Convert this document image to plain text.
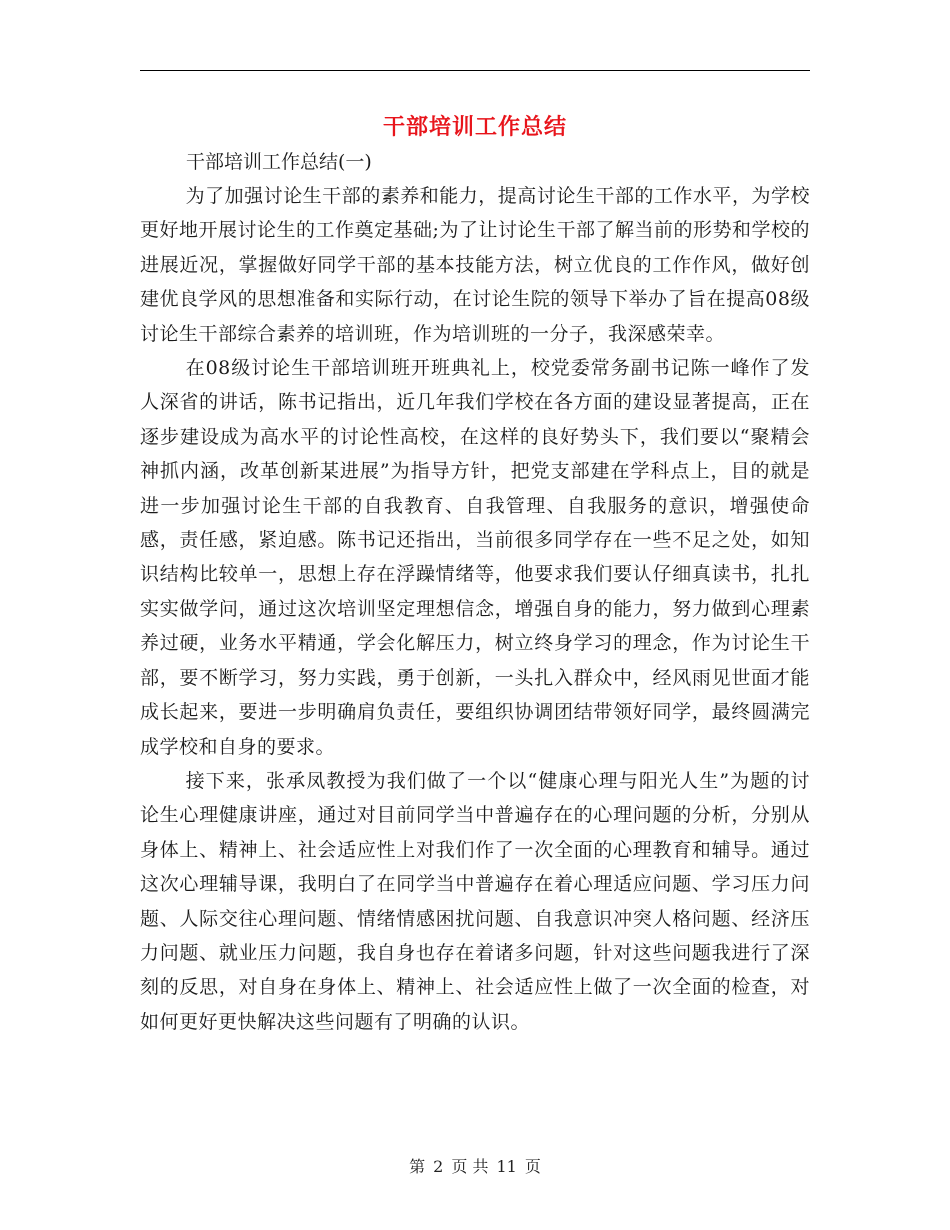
干部培训工作总结

干部培训工作总结(一)

为了加强讨论生干部的素养和能力，提高讨论生干部的工作水平，为学校更好地开展讨论生的工作奠定基础;为了让讨论生干部了解当前的形势和学校的进展近况，掌握做好同学干部的基本技能方法，树立优良的工作作风，做好创建优良学风的思想准备和实际行动，在讨论生院的领导下举办了旨在提高08级讨论生干部综合素养的培训班，作为培训班的一分子，我深感荣幸。

在08级讨论生干部培训班开班典礼上，校党委常务副书记陈一峰作了发人深省的讲话，陈书记指出，近几年我们学校在各方面的建设显著提高，正在逐步建设成为高水平的讨论性高校，在这样的良好势头下，我们要以“聚精会神抓内涵，改革创新某进展”为指导方针，把党支部建在学科点上，目的就是进一步加强讨论生干部的自我教育、自我管理、自我服务的意识，增强使命感，责任感，紧迫感。陈书记还指出，当前很多同学存在一些不足之处，如知识结构比较单一，思想上存在浮躁情绪等，他要求我们要认仔细真读书，扎扎实实做学问，通过这次培训坚定理想信念，增强自身的能力，努力做到心理素养过硬，业务水平精通，学会化解压力，树立终身学习的理念，作为讨论生干部，要不断学习，努力实践，勇于创新，一头扎入群众中，经风雨见世面才能成长起来，要进一步明确肩负责任，要组织协调团结带领好同学，最终圆满完成学校和自身的要求。

接下来，张承凤教授为我们做了一个以“健康心理与阳光人生”为题的讨论生心理健康讲座，通过对目前同学当中普遍存在的心理问题的分析，分别从身体上、精神上、社会适应性上对我们作了一次全面的心理教育和辅导。通过这次心理辅导课，我明白了在同学当中普遍存在着心理适应问题、学习压力问题、人际交往心理问题、情绪情感困扰问题、自我意识冲突人格问题、经济压力问题、就业压力问题，我自身也存在着诸多问题，针对这些问题我进行了深刻的反思，对自身在身体上、精神上、社会适应性上做了一次全面的检查，对如何更好更快解决这些问题有了明确的认识。

第 2 页 共 11 页
